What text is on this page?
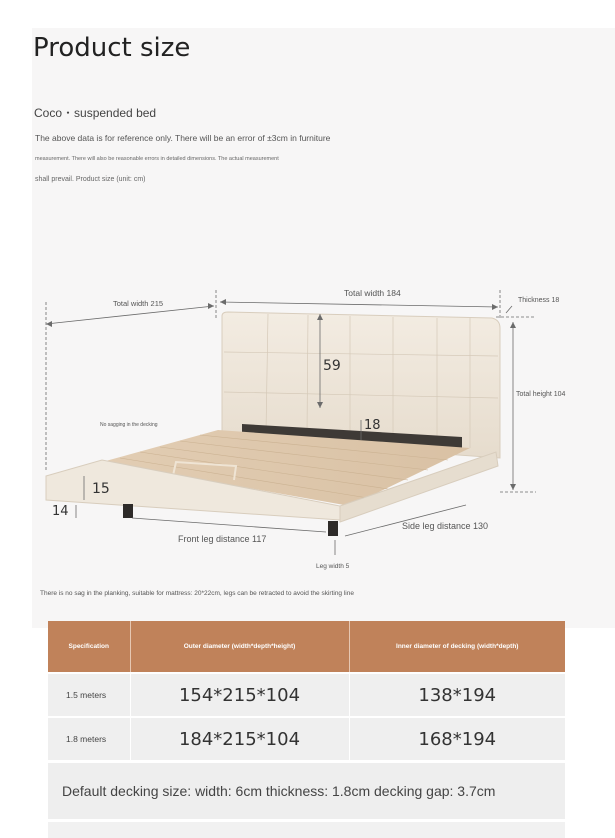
Product size
Coco・suspended bed
The above data is for reference only. There will be an error of ±3cm in furniture
measurement. There will also be reasonable errors in detailed dimensions. The actual measurement
shall prevail. Product size (unit: cm)
Total width 215
Total width 184
Thickness 18
59
18
Total height 104
No sagging in the decking
15
14
Front leg distance 117
Side leg distance 130
Leg width 5
There is no sag in the planking, suitable for mattress: 20*22cm, legs can be retracted to avoid the skirting line
Specification	Outer diameter (width*depth*height)	Inner diameter of decking (width*depth)
1.5 meters	154*215*104	138*194
1.8 meters	184*215*104	168*194
Default decking size: width: 6cm thickness: 1.8cm decking gap: 3.7cm
